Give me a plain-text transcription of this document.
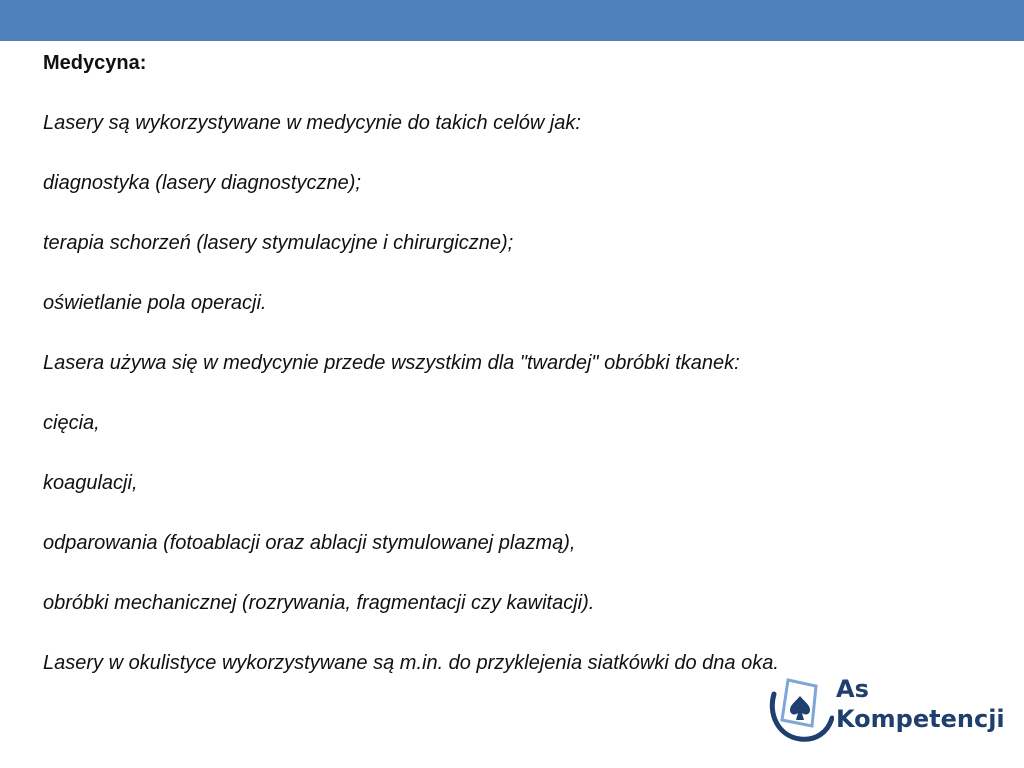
Medycyna:
Lasery są wykorzystywane w medycynie do takich celów jak:
diagnostyka (lasery diagnostyczne);
terapia schorzeń (lasery stymulacyjne i chirurgiczne);
oświetlanie pola operacji.
Lasera używa się w medycynie przede wszystkim dla "twardej" obróbki tkanek:
cięcia,
koagulacji,
odparowania (fotoablacji oraz ablacji stymulowanej plazmą),
obróbki mechanicznej (rozrywania, fragmentacji czy kawitacji).
Lasery w okulistyce wykorzystywane są m.in. do przyklejenia siatkówki do dna oka.
As
Kompetencji
